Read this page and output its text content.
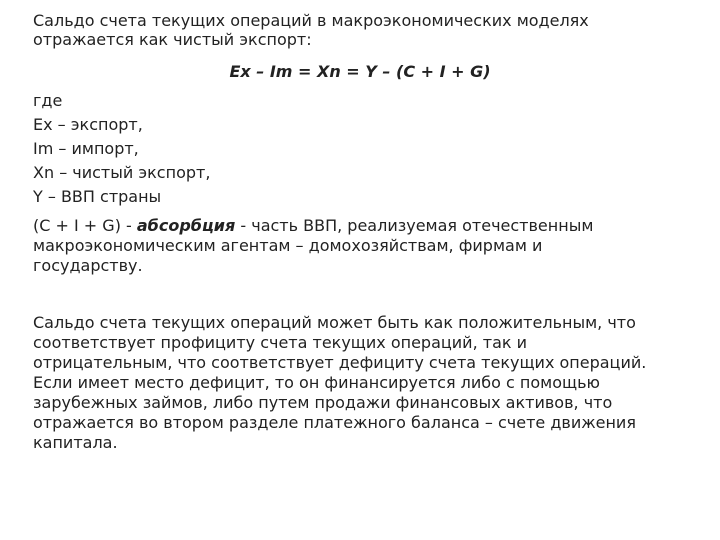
Сальдо счета текущих операций в макроэкономических моделях
отражается как чистый экспорт:

Ex – Im = Xn = Y – (C + I + G)

где
Ex – экспорт,
Im – импорт,
Xn – чистый экспорт,
Y – ВВП страны

(C + I + G) - абсорбция - часть ВВП, реализуемая отечественным
макроэкономическим агентам – домохозяйствам, фирмам и
государству.

Сальдо счета текущих операций может быть как положительным, что
соответствует профициту счета текущих операций, так и
отрицательным, что соответствует дефициту счета текущих операций.
Если имеет место дефицит, то он финансируется либо с помощью
зарубежных займов, либо путем продажи финансовых активов, что
отражается во втором разделе платежного баланса – счете движения
капитала.
